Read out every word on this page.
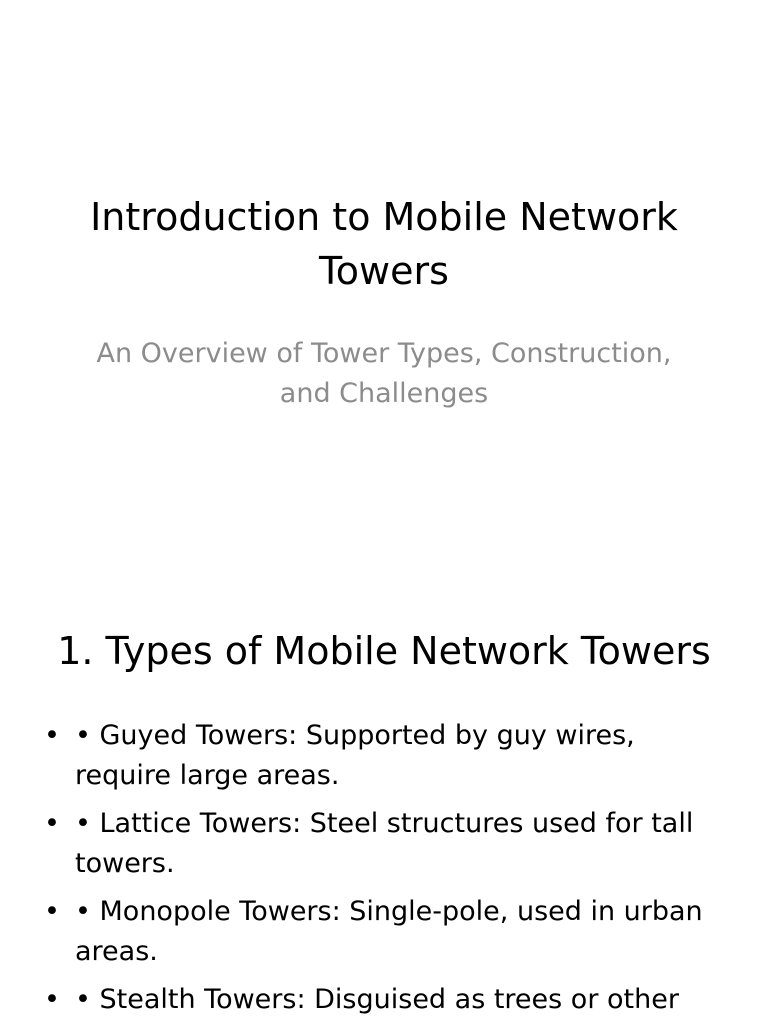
Introduction to Mobile Network Towers

An Overview of Tower Types, Construction, and Challenges

1. Types of Mobile Network Towers
• • Guyed Towers: Supported by guy wires, require large areas.
• • Lattice Towers: Steel structures used for tall towers.
• • Monopole Towers: Single-pole, used in urban areas.
• • Stealth Towers: Disguised as trees or other
